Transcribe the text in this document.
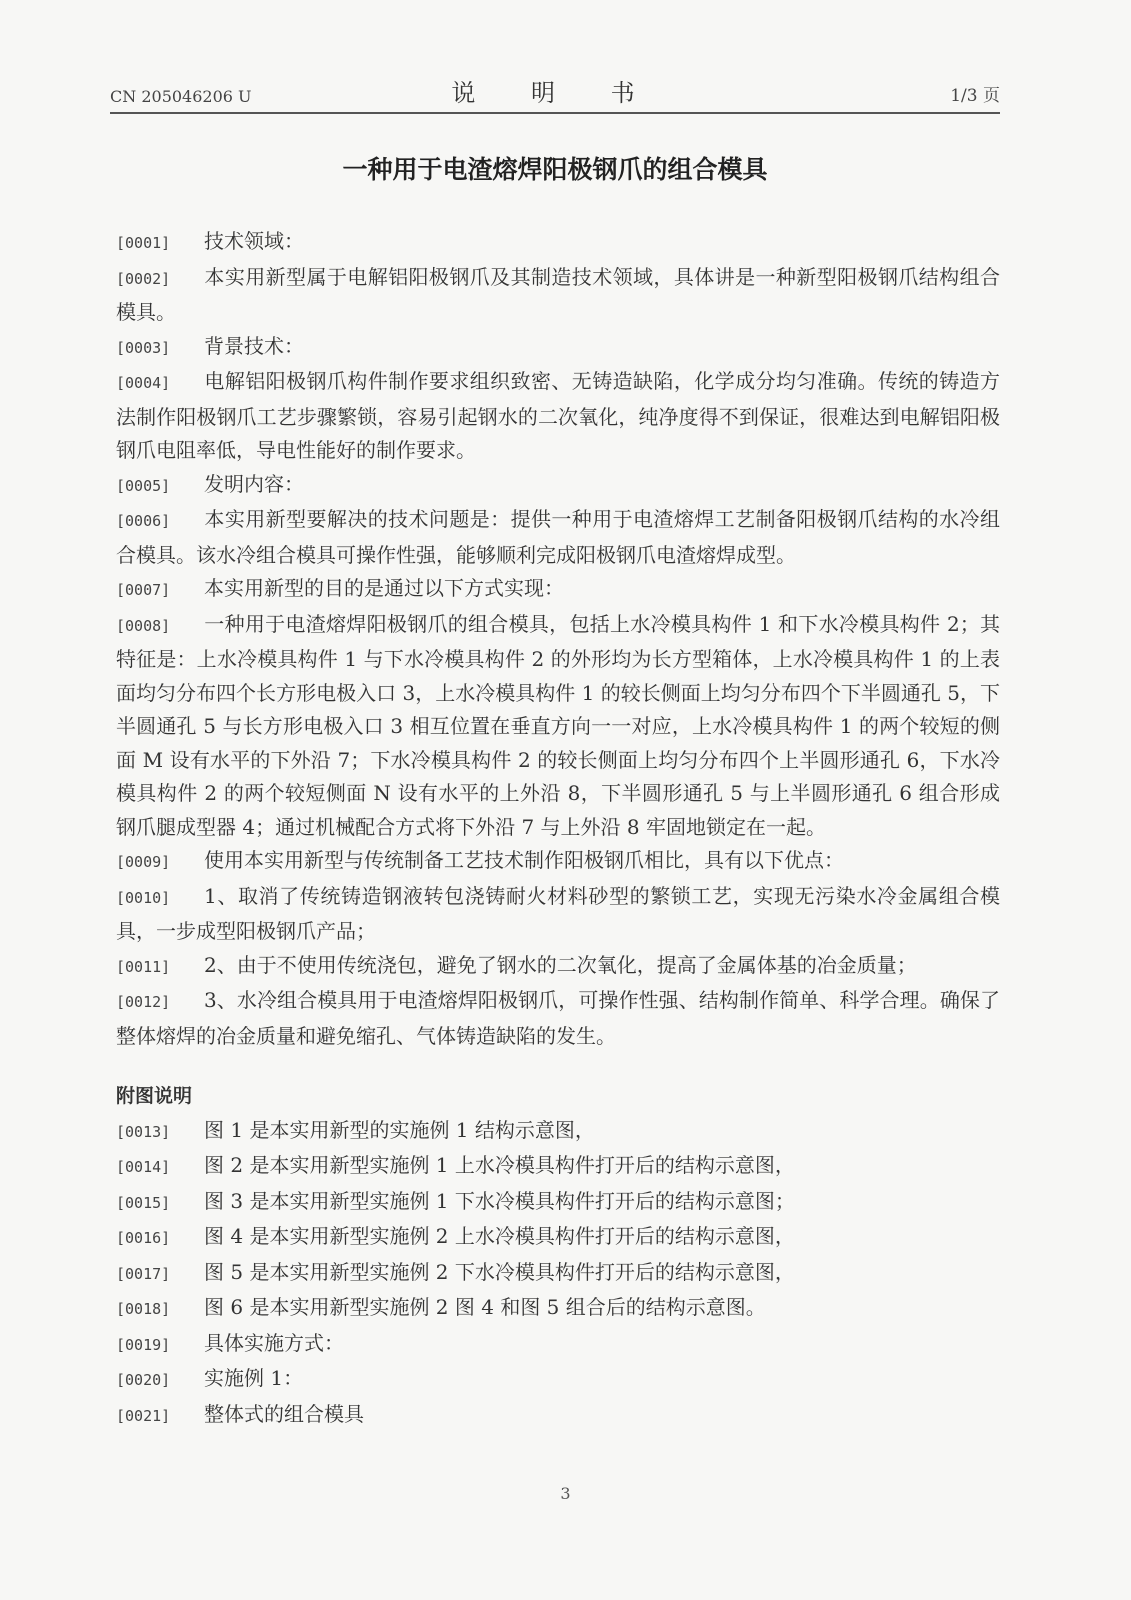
CN 205046206 U	说 明 书	1/3 页
一种用于电渣熔焊阳极钢爪的组合模具

[0001] 技术领域：

[0002] 本实用新型属于电解铝阳极钢爪及其制造技术领域，具体讲是一种新型阳极钢爪结构组合模具。

[0003] 背景技术：

[0004] 电解铝阳极钢爪构件制作要求组织致密、无铸造缺陷，化学成分均匀准确。传统的铸造方法制作阳极钢爪工艺步骤繁锁，容易引起钢水的二次氧化，纯净度得不到保证，很难达到电解铝阳极钢爪电阻率低，导电性能好的制作要求。

[0005] 发明内容：

[0006] 本实用新型要解决的技术问题是：提供一种用于电渣熔焊工艺制备阳极钢爪结构的水冷组合模具。该水冷组合模具可操作性强，能够顺利完成阳极钢爪电渣熔焊成型。

[0007] 本实用新型的目的是通过以下方式实现：

[0008] 一种用于电渣熔焊阳极钢爪的组合模具，包括上水冷模具构件 1 和下水冷模具构件 2；其特征是：上水冷模具构件 1 与下水冷模具构件 2 的外形均为长方型箱体，上水冷模具构件 1 的上表面均匀分布四个长方形电极入口 3，上水冷模具构件 1 的较长侧面上均匀分布四个下半圆通孔 5，下半圆通孔 5 与长方形电极入口 3 相互位置在垂直方向一一对应，上水冷模具构件 1 的两个较短的侧面 M 设有水平的下外沿 7；下水冷模具构件 2 的较长侧面上均匀分布四个上半圆形通孔 6，下水冷模具构件 2 的两个较短侧面 N 设有水平的上外沿 8，下半圆形通孔 5 与上半圆形通孔 6 组合形成钢爪腿成型器 4；通过机械配合方式将下外沿 7 与上外沿 8 牢固地锁定在一起。

[0009] 使用本实用新型与传统制备工艺技术制作阳极钢爪相比，具有以下优点：

[0010] 1、取消了传统铸造钢液转包浇铸耐火材料砂型的繁锁工艺，实现无污染水冷金属组合模具，一步成型阳极钢爪产品；

[0011] 2、由于不使用传统浇包，避免了钢水的二次氧化，提高了金属体基的冶金质量；

[0012] 3、水冷组合模具用于电渣熔焊阳极钢爪，可操作性强、结构制作简单、科学合理。确保了整体熔焊的冶金质量和避免缩孔、气体铸造缺陷的发生。

附图说明

[0013] 图 1 是本实用新型的实施例 1 结构示意图，

[0014] 图 2 是本实用新型实施例 1 上水冷模具构件打开后的结构示意图，

[0015] 图 3 是本实用新型实施例 1 下水冷模具构件打开后的结构示意图；

[0016] 图 4 是本实用新型实施例 2 上水冷模具构件打开后的结构示意图，

[0017] 图 5 是本实用新型实施例 2 下水冷模具构件打开后的结构示意图，

[0018] 图 6 是本实用新型实施例 2 图 4 和图 5 组合后的结构示意图。

[0019] 具体实施方式：

[0020] 实施例 1：

[0021] 整体式的组合模具

3
